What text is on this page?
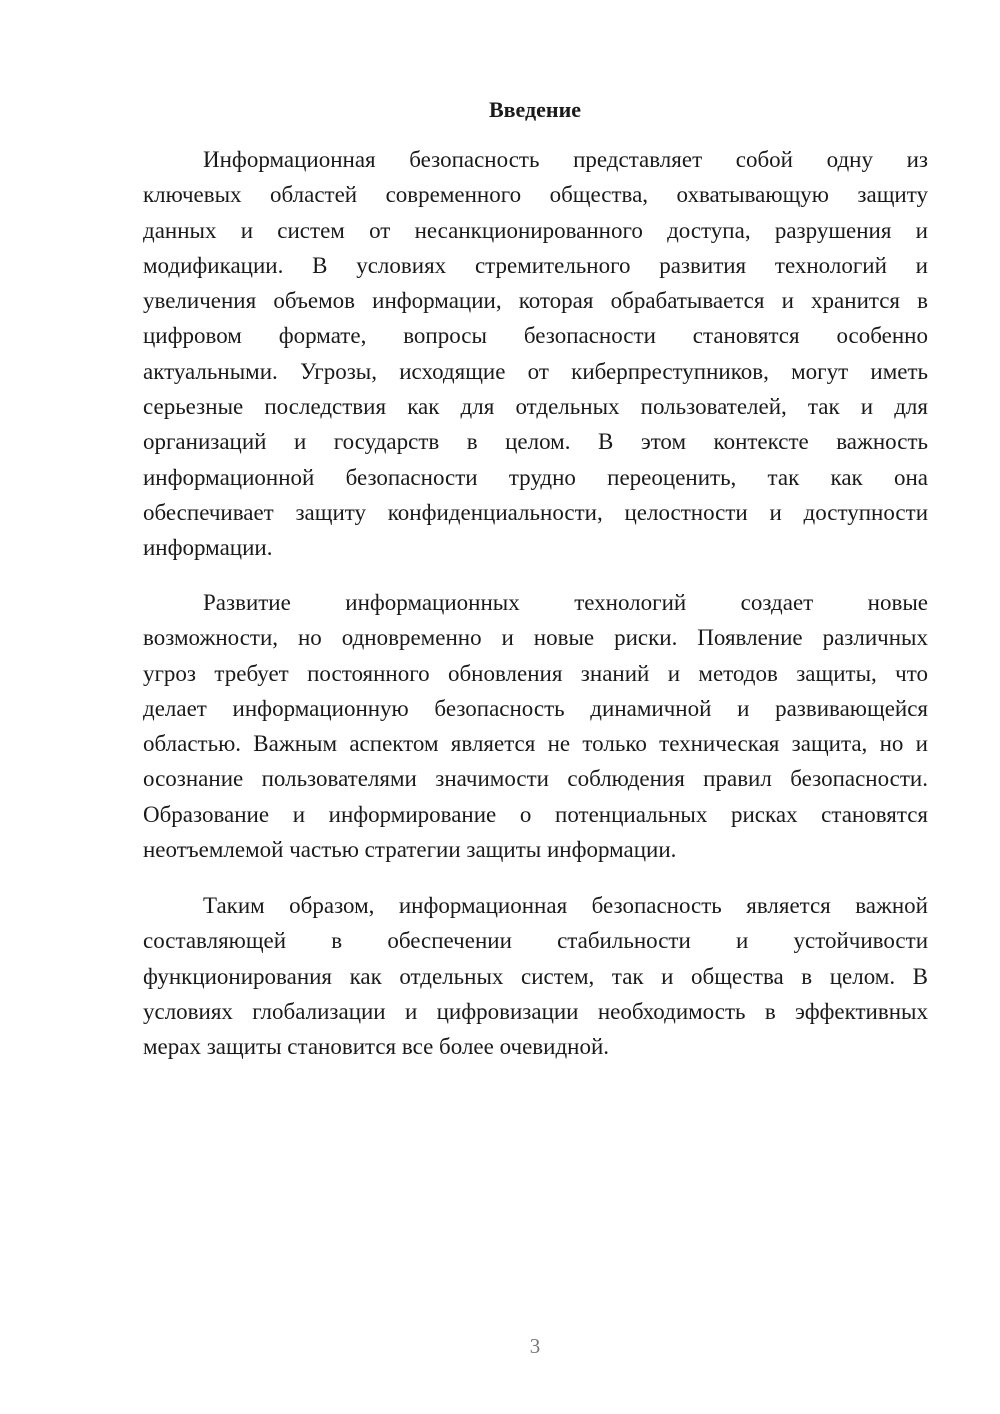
Введение
Информационная безопасность представляет собой одну из
ключевых областей современного общества, охватывающую защиту
данных и систем от несанкционированного доступа, разрушения и
модификации. В условиях стремительного развития технологий и
увеличения объемов информации, которая обрабатывается и хранится в
цифровом формате, вопросы безопасности становятся особенно
актуальными. Угрозы, исходящие от киберпреступников, могут иметь
серьезные последствия как для отдельных пользователей, так и для
организаций и государств в целом. В этом контексте важность
информационной безопасности трудно переоценить, так как она
обеспечивает защиту конфиденциальности, целостности и доступности
информации.
Развитие информационных технологий создает новые
возможности, но одновременно и новые риски. Появление различных
угроз требует постоянного обновления знаний и методов защиты, что
делает информационную безопасность динамичной и развивающейся
областью. Важным аспектом является не только техническая защита, но и
осознание пользователями значимости соблюдения правил безопасности.
Образование и информирование о потенциальных рисках становятся
неотъемлемой частью стратегии защиты информации.
Таким образом, информационная безопасность является важной
составляющей в обеспечении стабильности и устойчивости
функционирования как отдельных систем, так и общества в целом. В
условиях глобализации и цифровизации необходимость в эффективных
мерах защиты становится все более очевидной.
3
